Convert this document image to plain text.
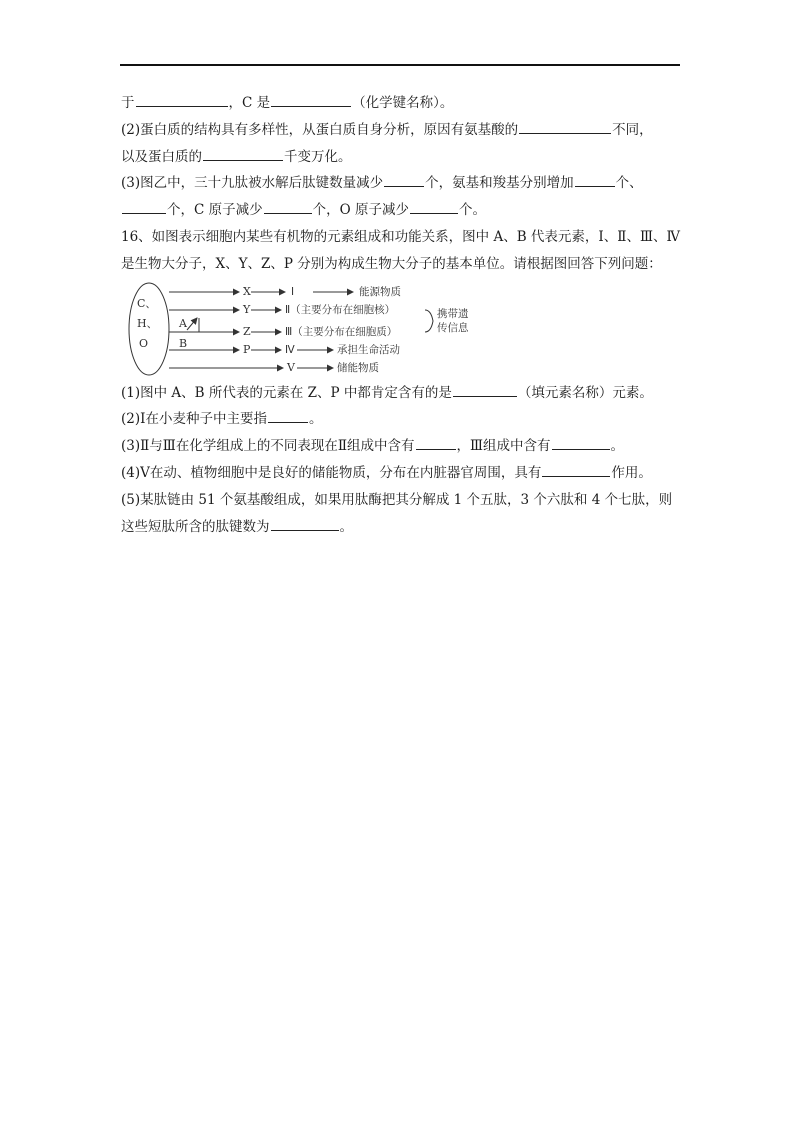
于	，C 是	（化学键名称）。
(2)蛋白质的结构具有多样性，从蛋白质自身分析，原因有氨基酸的	不同，
以及蛋白质的	千变万化。
(3)图乙中，三十九肽被水解后肽键数量减少	个，氨基和羧基分别增加	个、
个，C 原子减少	个，O 原子减少	个。
16、如图表示细胞内某些有机物的元素组成和功能关系，图中 A、B 代表元素，Ⅰ、Ⅱ、Ⅲ、Ⅳ是生物大分子，X、Y、Z、P 分别为构成生物大分子的基本单位。请根据图回答下列问题：
C、
H、
O
A
B
X
Y
Z
P
V
Ⅰ
Ⅱ（主要分布在细胞核）
Ⅲ（主要分布在细胞质）
Ⅳ
能源物质
承担生命活动
储能物质
携带遗
传信息
(1)图中 A、B 所代表的元素在 Z、P 中都肯定含有的是	（填元素名称）元素。
(2)Ⅰ在小麦种子中主要指	。
(3)Ⅱ与Ⅲ在化学组成上的不同表现在Ⅱ组成中含有	，Ⅲ组成中含有	。
(4)Ⅴ在动、植物细胞中是良好的储能物质，分布在内脏器官周围，具有	作用。
(5)某肽链由 51 个氨基酸组成，如果用肽酶把其分解成 1 个五肽，3 个六肽和 4 个七肽，则
这些短肽所含的肽键数为	。
